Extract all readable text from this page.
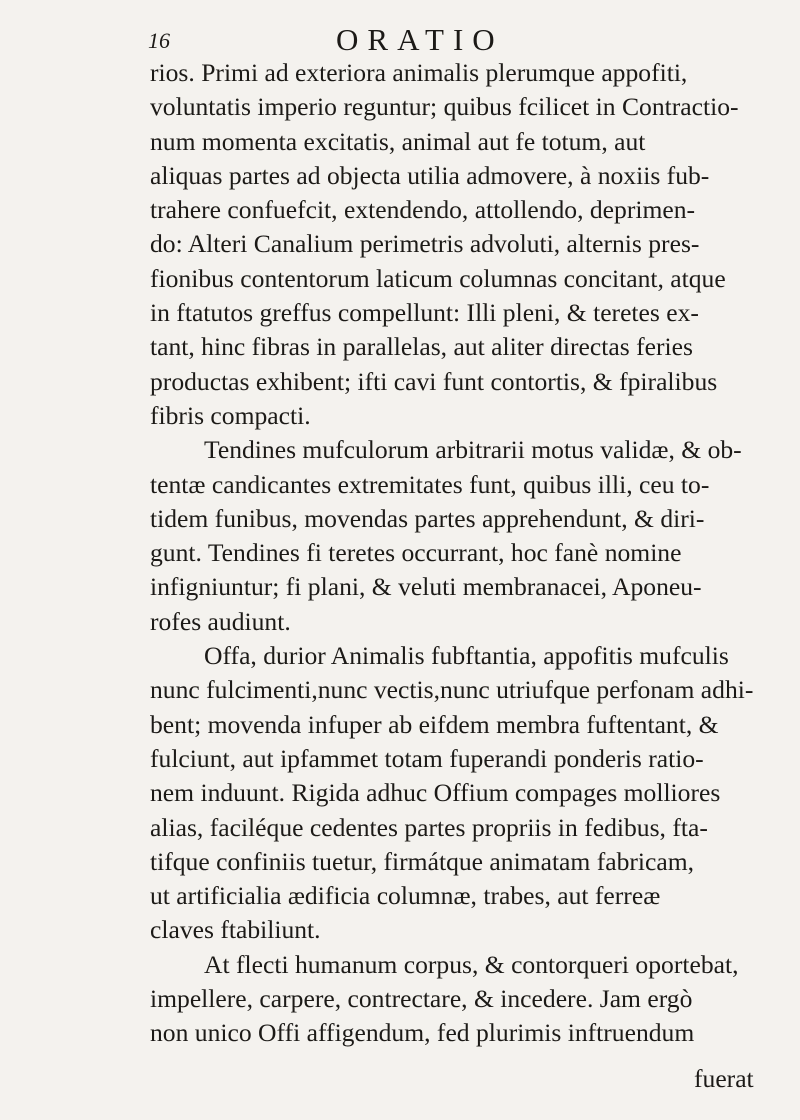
16	ORATIO
rios. Primi ad exteriora animalis plerumque appofiti,
voluntatis imperio reguntur; quibus fcilicet in Contractio-
num momenta excitatis, animal aut fe totum, aut
aliquas partes ad objecta utilia admovere, à noxiis fub-
trahere confuefcit, extendendo, attollendo, deprimen-
do: Alteri Canalium perimetris advoluti, alternis pres-
fionibus contentorum laticum columnas concitant, atque
in ftatutos greffus compellunt: Illi pleni, & teretes ex-
tant, hinc fibras in parallelas, aut aliter directas feries
productas exhibent; ifti cavi funt contortis, & fpiralibus
fibris compacti.
Tendines mufculorum arbitrarii motus validæ, & ob-
tentæ candicantes extremitates funt, quibus illi, ceu to-
tidem funibus, movendas partes apprehendunt, & diri-
gunt. Tendines fi teretes occurrant, hoc fanè nomine
infigniuntur; fi plani, & veluti membranacei, Aponeu-
rofes audiunt.
Offa, durior Animalis fubftantia, appofitis mufculis
nunc fulcimenti,nunc vectis,nunc utriufque perfonam adhi-
bent; movenda infuper ab eifdem membra fuftentant, &
fulciunt, aut ipfammet totam fuperandi ponderis ratio-
nem induunt. Rigida adhuc Offium compages molliores
alias, faciléque cedentes partes propriis in fedibus, fta-
tifque confiniis tuetur, firmátque animatam fabricam,
ut artificialia ædificia columnæ, trabes, aut ferreæ
claves ftabiliunt.
At flecti humanum corpus, & contorqueri oportebat,
impellere, carpere, contrectare, & incedere. Jam ergò
non unico Offi affigendum, fed plurimis inftruendum
fuerat
